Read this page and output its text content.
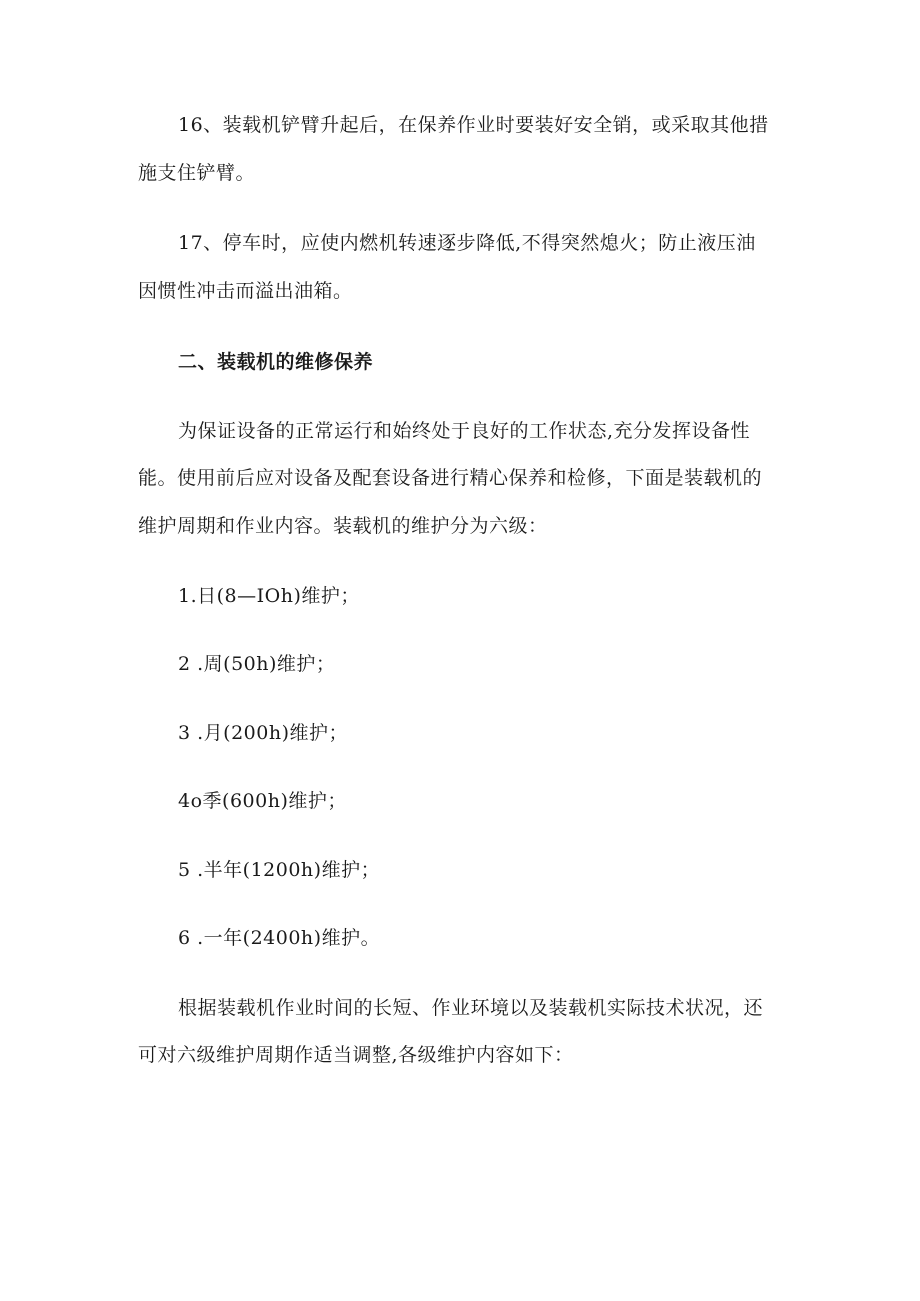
16、装载机铲臂升起后，在保养作业时要装好安全销，或采取其他措
施支住铲臂。
17、停车时，应使内燃机转速逐步降低,不得突然熄火；防止液压油
因惯性冲击而溢出油箱。
二、装载机的维修保养
为保证设备的正常运行和始终处于良好的工作状态,充分发挥设备性
能。使用前后应对设备及配套设备进行精心保养和检修，下面是装载机的
维护周期和作业内容。装载机的维护分为六级：
1.日(8—IOh)维护；
2 .周(50h)维护；
3 .月(200h)维护；
4o季(600h)维护；
5 .半年(1200h)维护；
6 .一年(2400h)维护。
根据装载机作业时间的长短、作业环境以及装载机实际技术状况，还
可对六级维护周期作适当调整,各级维护内容如下：
